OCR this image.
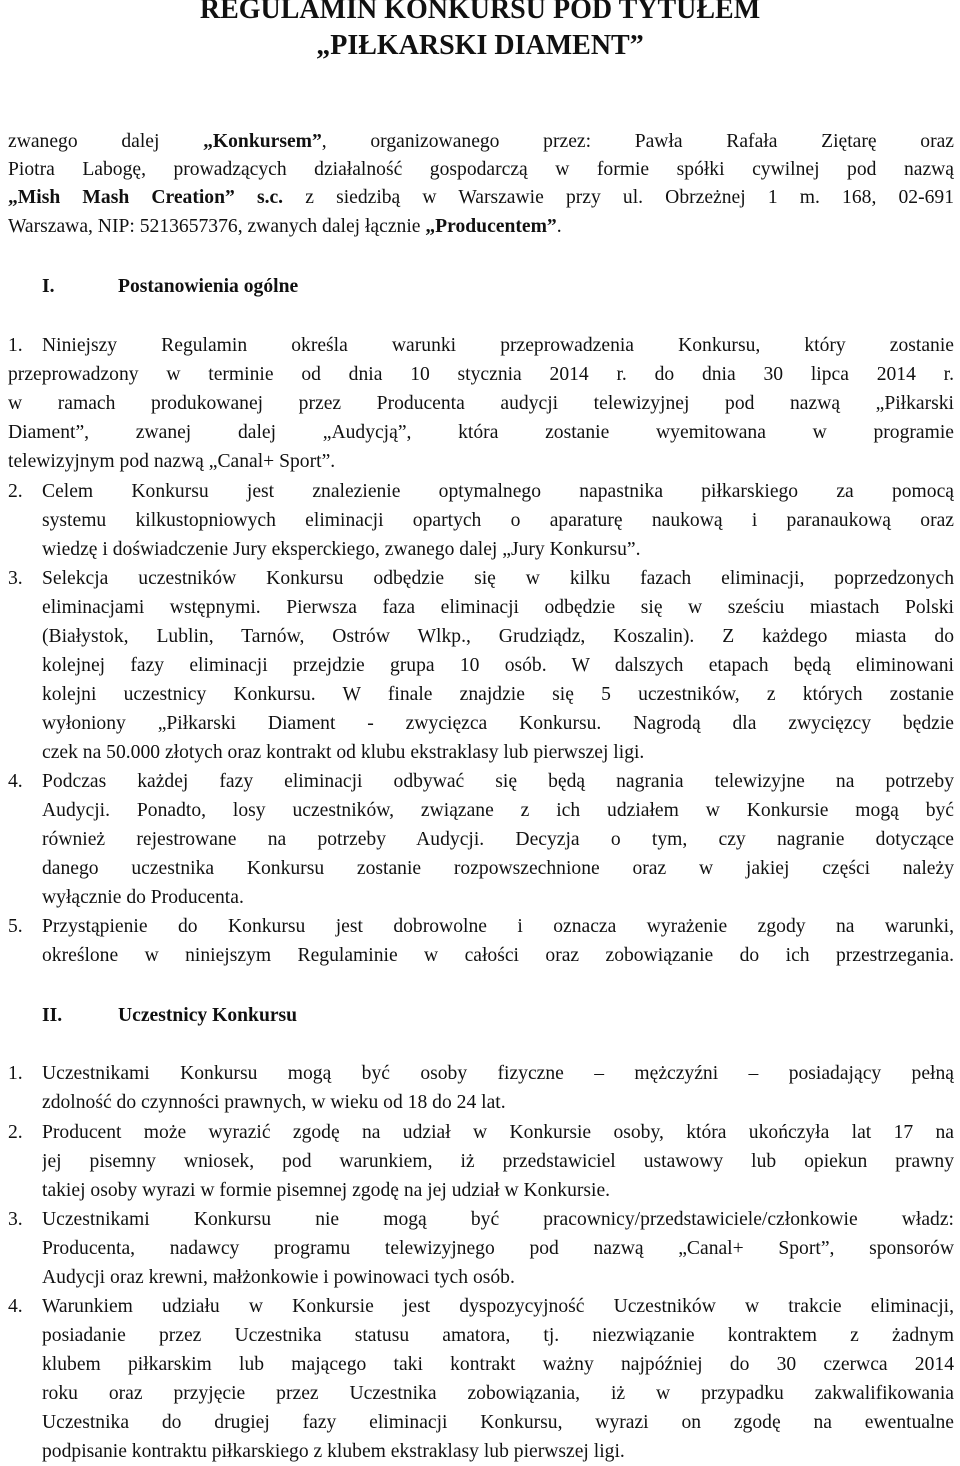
REGULAMIN KONKURSU POD TYTUŁEM
„PIŁKARSKI DIAMENT”
zwanego dalej „Konkursem”, organizowanego przez: Pawła Rafała Ziętarę oraz
Piotra Labogę, prowadzących działalność gospodarczą w formie spółki cywilnej pod nazwą
„Mish Mash Creation” s.c. z siedzibą w Warszawie przy ul. Obrzeżnej 1 m. 168, 02-691
Warszawa, NIP: 5213657376, zwanych dalej łącznie „Producentem”.
I.	Postanowienia ogólne
1. Niniejszy Regulamin określa warunki przeprowadzenia Konkursu, który zostanie
przeprowadzony w terminie od dnia 10 stycznia 2014 r. do dnia 30 lipca 2014 r.
w ramach produkowanej przez Producenta audycji telewizyjnej pod nazwą „Piłkarski
Diament”, zwanej dalej „Audycją”, która zostanie wyemitowana w programie
telewizyjnym pod nazwą „Canal+ Sport”.
2. Celem Konkursu jest znalezienie optymalnego napastnika piłkarskiego za pomocą
systemu kilkustopniowych eliminacji opartych o aparaturę naukową i paranaukową oraz
wiedzę i doświadczenie Jury eksperckiego, zwanego dalej „Jury Konkursu”.
3. Selekcja uczestników Konkursu odbędzie się w kilku fazach eliminacji, poprzedzonych
eliminacjami wstępnymi. Pierwsza faza eliminacji odbędzie się w sześciu miastach Polski
(Białystok, Lublin, Tarnów, Ostrów Wlkp., Grudziądz, Koszalin). Z każdego miasta do
kolejnej fazy eliminacji przejdzie grupa 10 osób. W dalszych etapach będą eliminowani
kolejni uczestnicy Konkursu. W finale znajdzie się 5 uczestników, z których zostanie
wyłoniony „Piłkarski Diament - zwycięzca Konkursu. Nagrodą dla zwycięzcy będzie
czek na 50.000 złotych oraz kontrakt od klubu ekstraklasy lub pierwszej ligi.
4. Podczas każdej fazy eliminacji odbywać się będą nagrania telewizyjne na potrzeby
Audycji. Ponadto, losy uczestników, związane z ich udziałem w Konkursie mogą być
również rejestrowane na potrzeby Audycji. Decyzja o tym, czy nagranie dotyczące
danego uczestnika Konkursu zostanie rozpowszechnione oraz w jakiej części należy
wyłącznie do Producenta.
5. Przystąpienie do Konkursu jest dobrowolne i oznacza wyrażenie zgody na warunki,
określone w niniejszym Regulaminie w całości oraz zobowiązanie do ich przestrzegania.
II.	Uczestnicy Konkursu
1. Uczestnikami Konkursu mogą być osoby fizyczne – mężczyźni – posiadający pełną
zdolność do czynności prawnych, w wieku od 18 do 24 lat.
2. Producent może wyrazić zgodę na udział w Konkursie osoby, która ukończyła lat 17 na
jej pisemny wniosek, pod warunkiem, iż przedstawiciel ustawowy lub opiekun prawny
takiej osoby wyrazi w formie pisemnej zgodę na jej udział w Konkursie.
3. Uczestnikami Konkursu nie mogą być pracownicy/przedstawiciele/członkowie władz:
Producenta, nadawcy programu telewizyjnego pod nazwą „Canal+ Sport”, sponsorów
Audycji oraz krewni, małżonkowie i powinowaci tych osób.
4. Warunkiem udziału w Konkursie jest dyspozycyjność Uczestników w trakcie eliminacji,
posiadanie przez Uczestnika statusu amatora, tj. niezwiązanie kontraktem z żadnym
klubem piłkarskim lub mającego taki kontrakt ważny najpóźniej do 30 czerwca 2014
roku oraz przyjęcie przez Uczestnika zobowiązania, iż w przypadku zakwalifikowania
Uczestnika do drugiej fazy eliminacji Konkursu, wyrazi on zgodę na ewentualne
podpisanie kontraktu piłkarskiego z klubem ekstraklasy lub pierwszej ligi.
